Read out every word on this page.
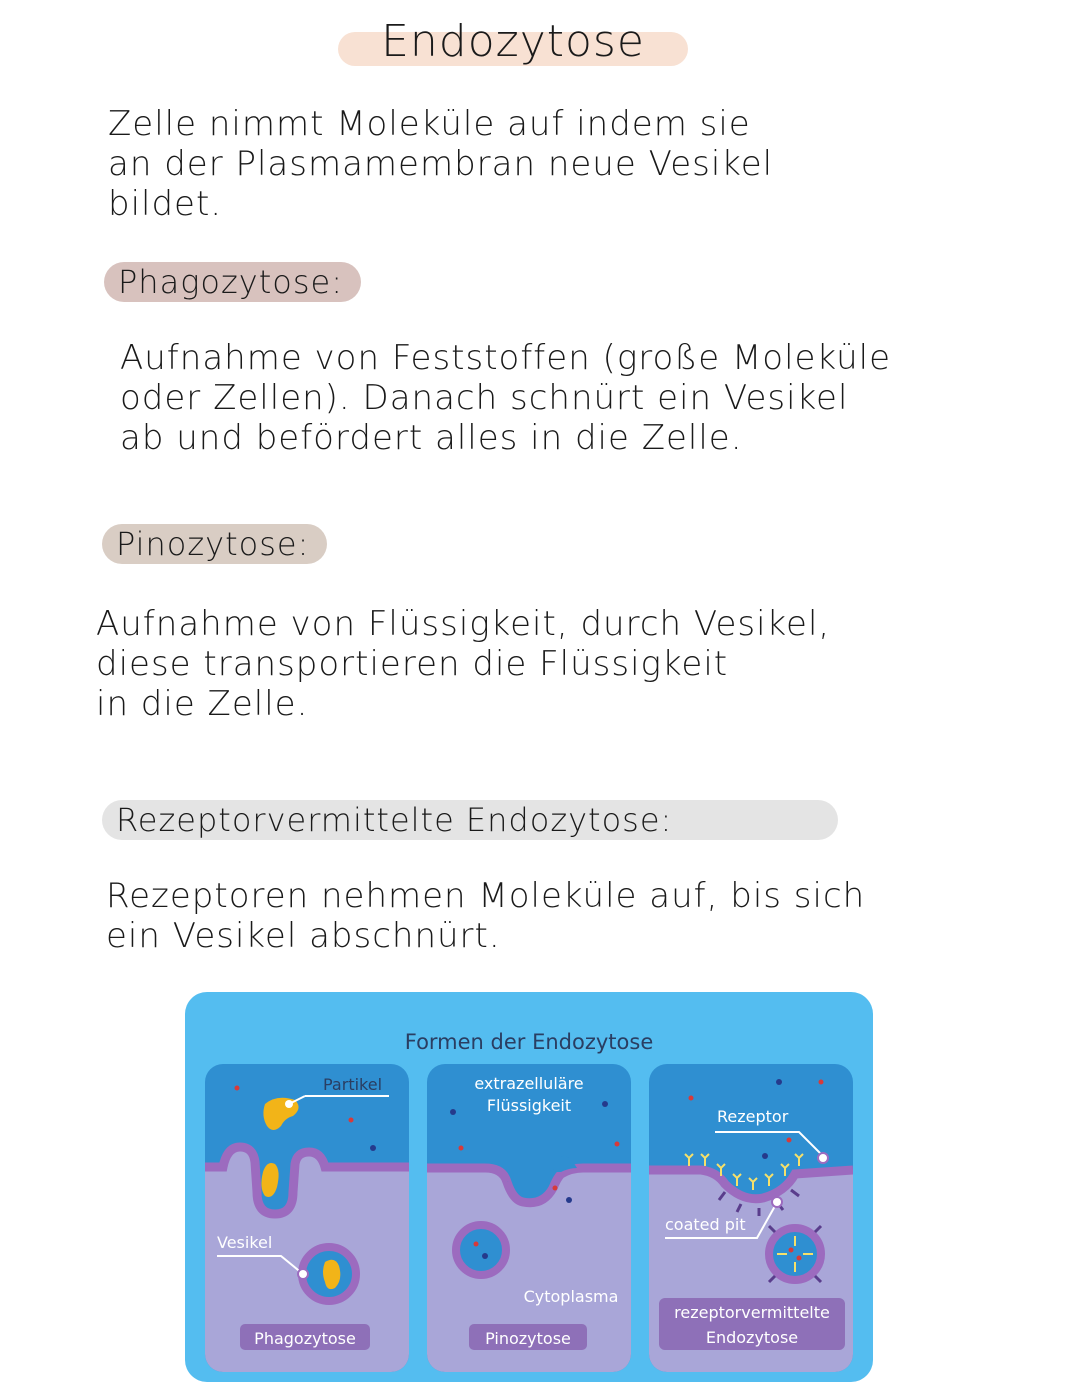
Endozytose
Zelle nimmt Moleküle auf indem sie
an der Plasmamembran neue Vesikel
bildet.
Phagozytose:
Aufnahme von Feststoffen (große Moleküle
oder Zellen). Danach schnürt ein Vesikel
ab und befördert alles in die Zelle.
Pinozytose:
Aufnahme von Flüssigkeit, durch Vesikel,
diese transportieren die Flüssigkeit
in die Zelle.
Rezeptorvermittelte Endozytose:
Rezeptoren nehmen Moleküle auf, bis sich
ein Vesikel abschnürt.
Formen der Endozytose
Partikel
Vesikel
Phagozytose
extrazelluläre
Flüssigkeit
Cytoplasma
Pinozytose
Rezeptor
coated pit
rezeptorvermittelte
Endozytose
